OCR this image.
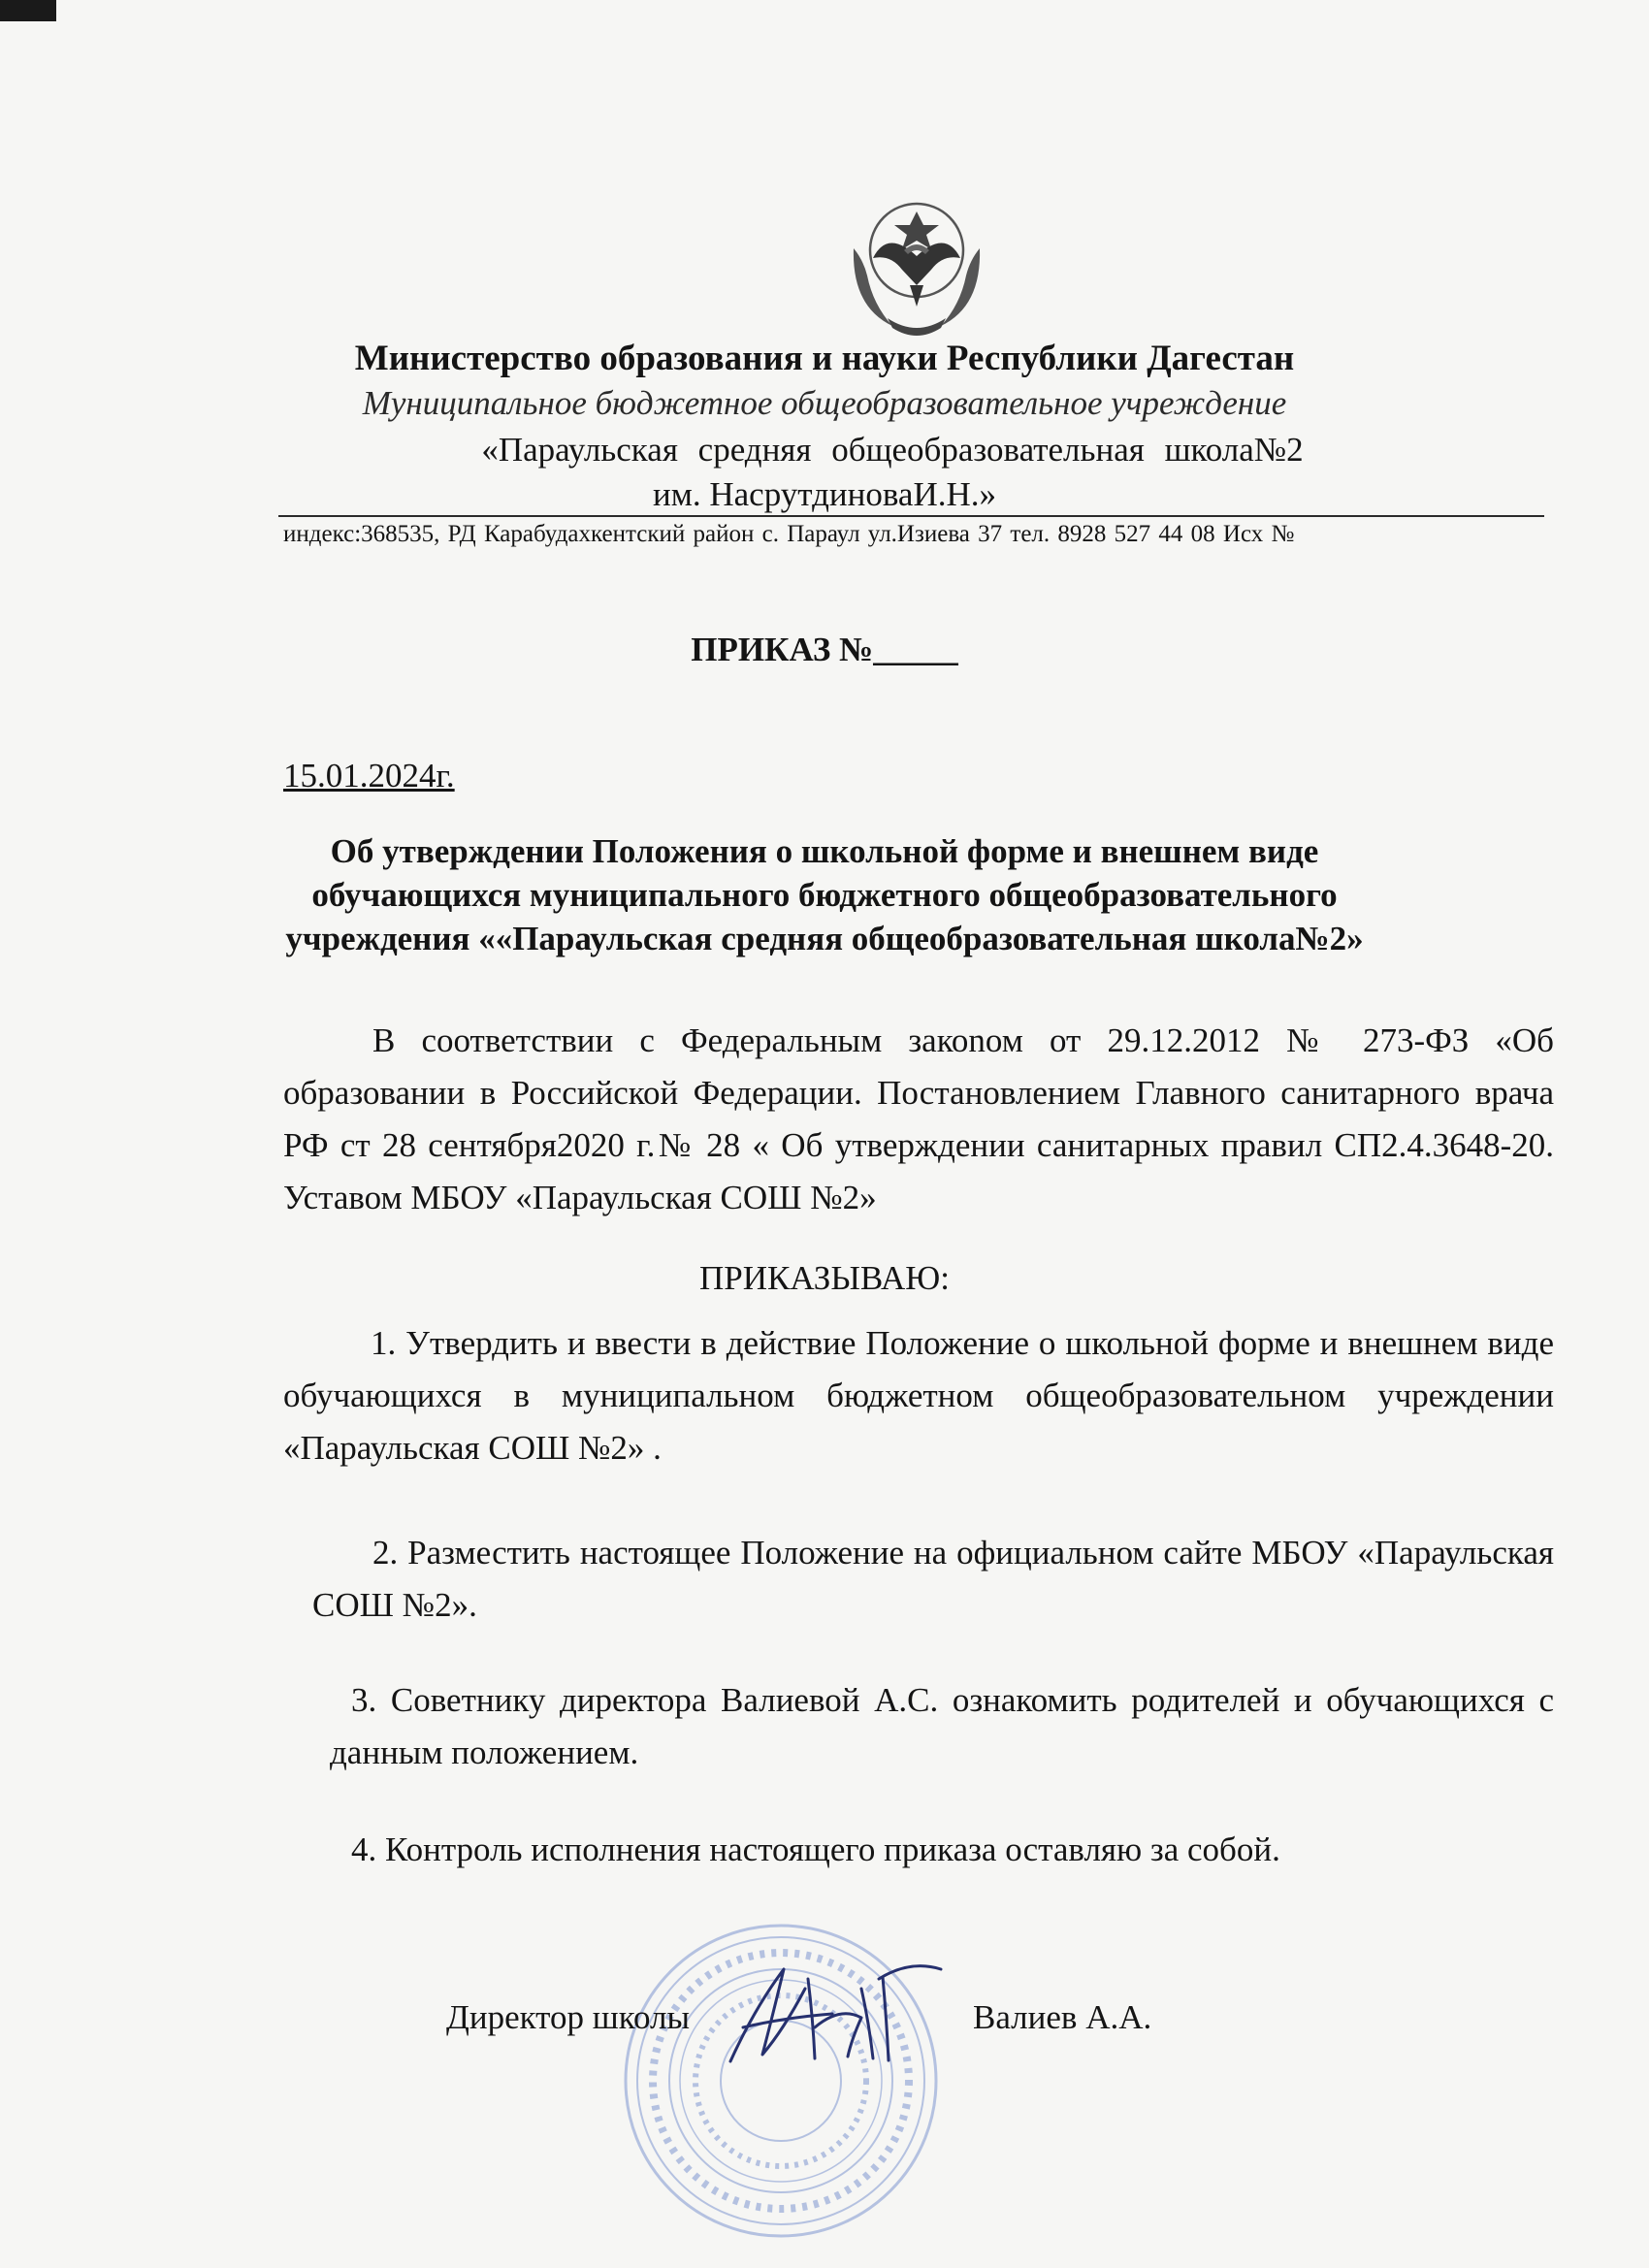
Министерство образования и науки Республики Дагестан
Муниципальное бюджетное общеобразовательное учреждение
«Параульская средняя общеобразовательная школа№2
им. НасрутдиноваИ.Н.»
индекс:368535, РД Карабудахкентский район с. Параул ул.Изиева 37 тел. 8928 527 44 08 Исх №
ПРИКАЗ №_____
15.01.2024г.
Об утверждении Положения о школьной форме и внешнем виде
обучающихся муниципального бюджетного общеобразовательного
учреждения ««Параульская средняя общеобразовательная школа№2»
В соответствии с Федеральным закоnом от 29.12.2012 № 273-ФЗ «Об образовании в Российской Федерации. Постановлением Главного санитарного врача РФ ст 28 сентября2020 г.№ 28 « Об утверждении санитарных правил СП2.4.3648-20. Уставом МБОУ «Параульская СОШ №2»
ПРИКАЗЫВАЮ:
1. Утвердить и ввести в действие Положение о школьной форме и внешнем виде обучающихся в муниципальном бюджетном общеобразовательном учреждении «Параульская СОШ №2» .
2. Разместить настоящее Положение на официальном сайте МБОУ «Параульская СОШ №2».
3. Советнику директора Валиевой А.С. ознакомить родителей и обучающихся с данным положением.
4. Контроль исполнения настоящего приказа оставляю за собой.
Директор школы	Валиев А.А.
